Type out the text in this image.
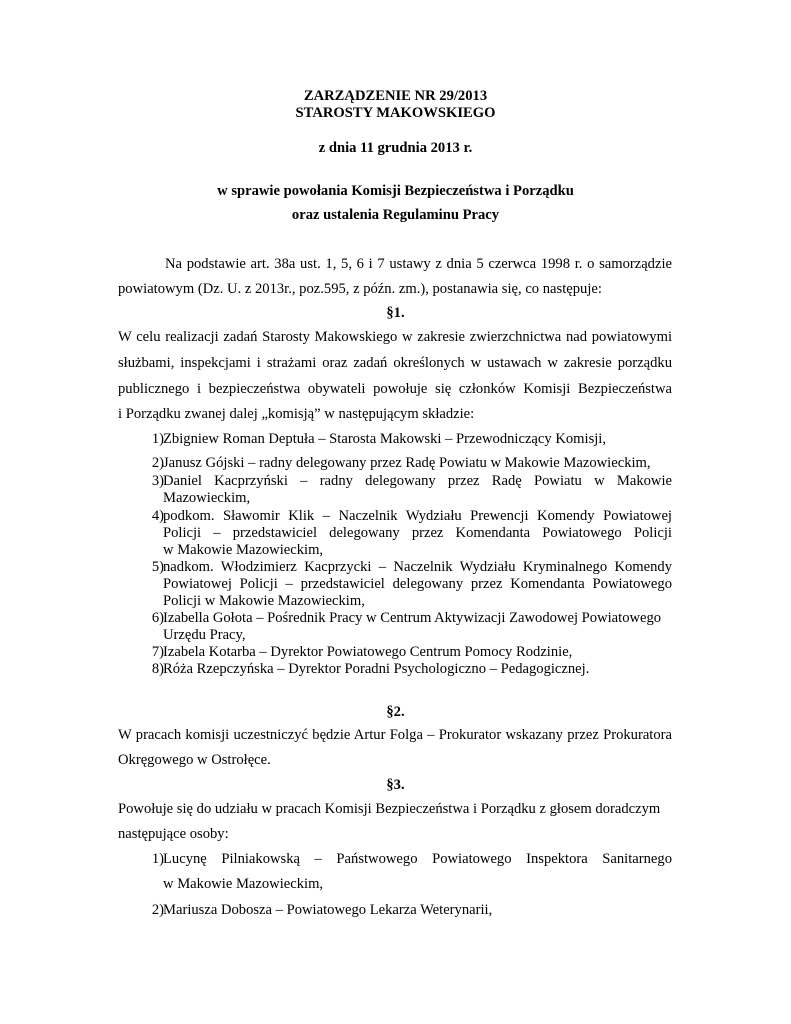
ZARZĄDZENIE NR 29/2013
STAROSTY MAKOWSKIEGO
z dnia 11 grudnia 2013 r.
w sprawie powołania Komisji Bezpieczeństwa i Porządku
oraz ustalenia Regulaminu Pracy
Na podstawie art. 38a ust. 1, 5, 6 i 7 ustawy z dnia 5 czerwca 1998 r. o samorządzie
powiatowym (Dz. U. z 2013r., poz.595, z późn. zm.), postanawia się, co następuje:
§1.
W celu realizacji zadań Starosty Makowskiego w zakresie zwierzchnictwa nad powiatowymi
służbami, inspekcjami i strażami oraz zadań określonych w ustawach w zakresie porządku
publicznego i bezpieczeństwa obywateli powołuje się członków Komisji Bezpieczeństwa
i Porządku zwanej dalej „komisją” w następującym składzie:
1) Zbigniew Roman Deptuła – Starosta Makowski – Przewodniczący Komisji,
2) Janusz Gójski – radny delegowany przez Radę Powiatu w Makowie Mazowieckim,
3) Daniel Kacprzyński – radny delegowany przez Radę Powiatu w Makowie
Mazowieckim,
4) podkom. Sławomir Klik – Naczelnik Wydziału Prewencji Komendy Powiatowej
Policji – przedstawiciel delegowany przez Komendanta Powiatowego Policji
w Makowie Mazowieckim,
5) nadkom. Włodzimierz Kacprzycki – Naczelnik Wydziału Kryminalnego Komendy
Powiatowej Policji – przedstawiciel delegowany przez Komendanta Powiatowego
Policji w Makowie Mazowieckim,
6) Izabella Gołota – Pośrednik Pracy w Centrum Aktywizacji Zawodowej Powiatowego
Urzędu Pracy,
7) Izabela Kotarba – Dyrektor Powiatowego Centrum Pomocy Rodzinie,
8) Róża Rzepczyńska – Dyrektor Poradni Psychologiczno – Pedagogicznej.
§2.
W pracach komisji uczestniczyć będzie Artur Folga – Prokurator wskazany przez Prokuratora
Okręgowego w Ostrołęce.
§3.
Powołuje się do udziału w pracach Komisji Bezpieczeństwa i Porządku z głosem doradczym
następujące osoby:
1) Lucynę Pilniakowską – Państwowego Powiatowego Inspektora Sanitarnego
w Makowie Mazowieckim,
2) Mariusza Dobosza – Powiatowego Lekarza Weterynarii,
